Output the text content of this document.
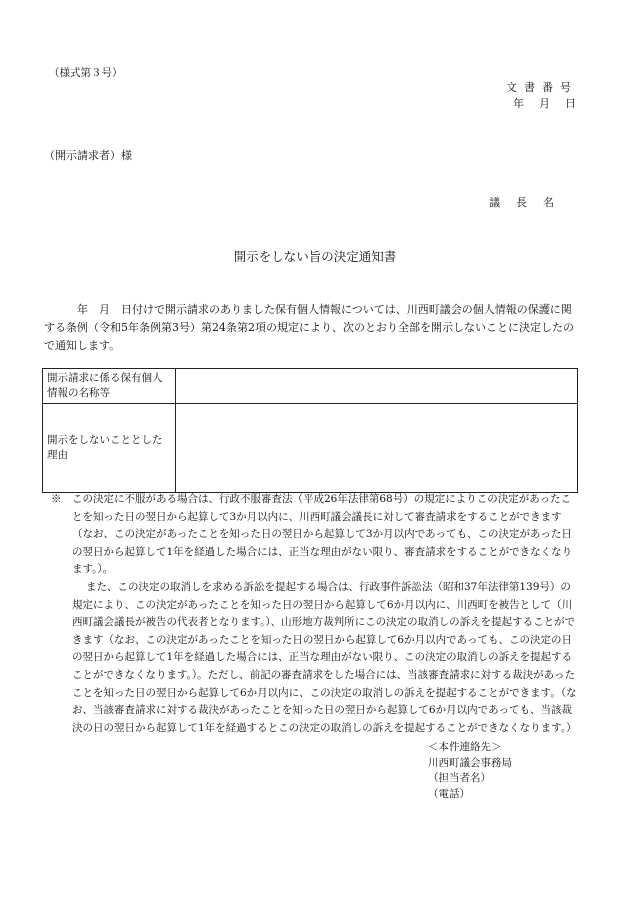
（様式第３号）
文書番号
年　月　日
（開示請求者）様
議長名
開示をしない旨の決定通知書

　　　年　月　日付けで開示請求のありました保有個人情報については、川西町議会の個人情報の保護に関する条例（令和5年条例第3号）第24条第2項の規定により、次のとおり全部を開示しないことに決定したので通知します。

開示請求に係る保有個人情報の名称等	
開示をしないこととした理由	

※　この決定に不服がある場合は、行政不服審査法（平成26年法律第68号）の規定によりこの決定があったことを知った日の翌日から起算して3か月以内に、川西町議会議長に対して審査請求をすることができます（なお、この決定があったことを知った日の翌日から起算して3か月以内であっても、この決定があった日の翌日から起算して1年を経過した場合には、正当な理由がない限り、審査請求をすることができなくなります。）。

また、この決定の取消しを求める訴訟を提起する場合は、行政事件訴訟法（昭和37年法律第139号）の規定により、この決定があったことを知った日の翌日から起算して6か月以内に、川西町を被告として（川西町議会議長が被告の代表者となります。）、山形地方裁判所にこの決定の取消しの訴えを提起することができます（なお、この決定があったことを知った日の翌日から起算して6か月以内であっても、この決定の日の翌日から起算して1年を経過した場合には、正当な理由がない限り、この決定の取消しの訴えを提起することができなくなります。）。ただし、前記の審査請求をした場合には、当該審査請求に対する裁決があったことを知った日の翌日から起算して6か月以内に、この決定の取消しの訴えを提起することができます。（なお、当該審査請求に対する裁決があったことを知った日の翌日から起算して6か月以内であっても、当該裁決の日の翌日から起算して1年を経過するとこの決定の取消しの訴えを提起することができなくなります。）

＜本件連絡先＞
川西町議会事務局
（担当者名）
（電話）
